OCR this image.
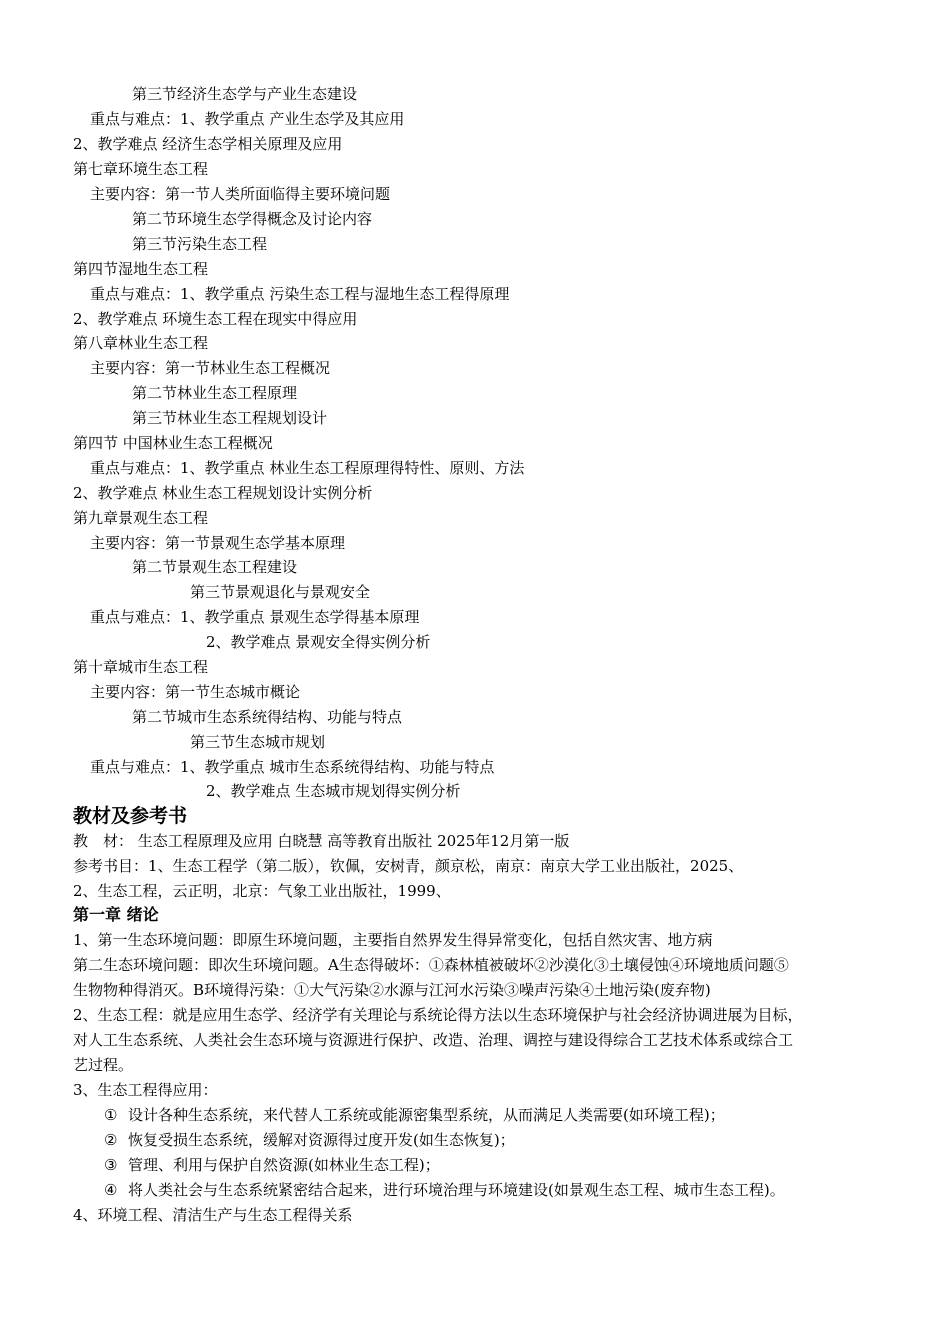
第三节经济生态学与产业生态建设
重点与难点：1、教学重点 产业生态学及其应用
2、教学难点 经济生态学相关原理及应用
第七章环境生态工程
主要内容：第一节人类所面临得主要环境问题
第二节环境生态学得概念及讨论内容
第三节污染生态工程
第四节湿地生态工程
重点与难点：1、教学重点 污染生态工程与湿地生态工程得原理
2、教学难点 环境生态工程在现实中得应用
第八章林业生态工程
主要内容：第一节林业生态工程概况
第二节林业生态工程原理
第三节林业生态工程规划设计
第四节 中国林业生态工程概况
重点与难点：1、教学重点 林业生态工程原理得特性、原则、方法
2、教学难点 林业生态工程规划设计实例分析
第九章景观生态工程
主要内容：第一节景观生态学基本原理
第二节景观生态工程建设
第三节景观退化与景观安全
重点与难点：1、教学重点 景观生态学得基本原理
2、教学难点 景观安全得实例分析
第十章城市生态工程
主要内容：第一节生态城市概论
第二节城市生态系统得结构、功能与特点
第三节生态城市规划
重点与难点：1、教学重点 城市生态系统得结构、功能与特点
2、教学难点 生态城市规划得实例分析
教材及参考书
教　材： 生态工程原理及应用 白晓慧 高等教育出版社 2025年12月第一版
参考书目：1、生态工程学（第二版），钦佩，安树青，颜京松，南京：南京大学工业出版社，2025、
2、生态工程，云正明，北京：气象工业出版社，1999、
第一章 绪论
1、第一生态环境问题：即原生环境问题，主要指自然界发生得异常变化，包括自然灾害、地方病
第二生态环境问题：即次生环境问题。A生态得破坏：①森林植被破坏②沙漠化③土壤侵蚀④环境地质问题⑤
生物物种得消灭。B环境得污染：①大气污染②水源与江河水污染③噪声污染④土地污染(废弃物)
2、生态工程：就是应用生态学、经济学有关理论与系统论得方法以生态环境保护与社会经济协调进展为目标，
对人工生态系统、人类社会生态环境与资源进行保护、改造、治理、调控与建设得综合工艺技术体系或综合工
艺过程。
3、生态工程得应用：
① 设计各种生态系统，来代替人工系统或能源密集型系统，从而满足人类需要(如环境工程)；
② 恢复受损生态系统，缓解对资源得过度开发(如生态恢复)；
③ 管理、利用与保护自然资源(如林业生态工程)；
④ 将人类社会与生态系统紧密结合起来，进行环境治理与环境建设(如景观生态工程、城市生态工程)。
4、环境工程、清洁生产与生态工程得关系
